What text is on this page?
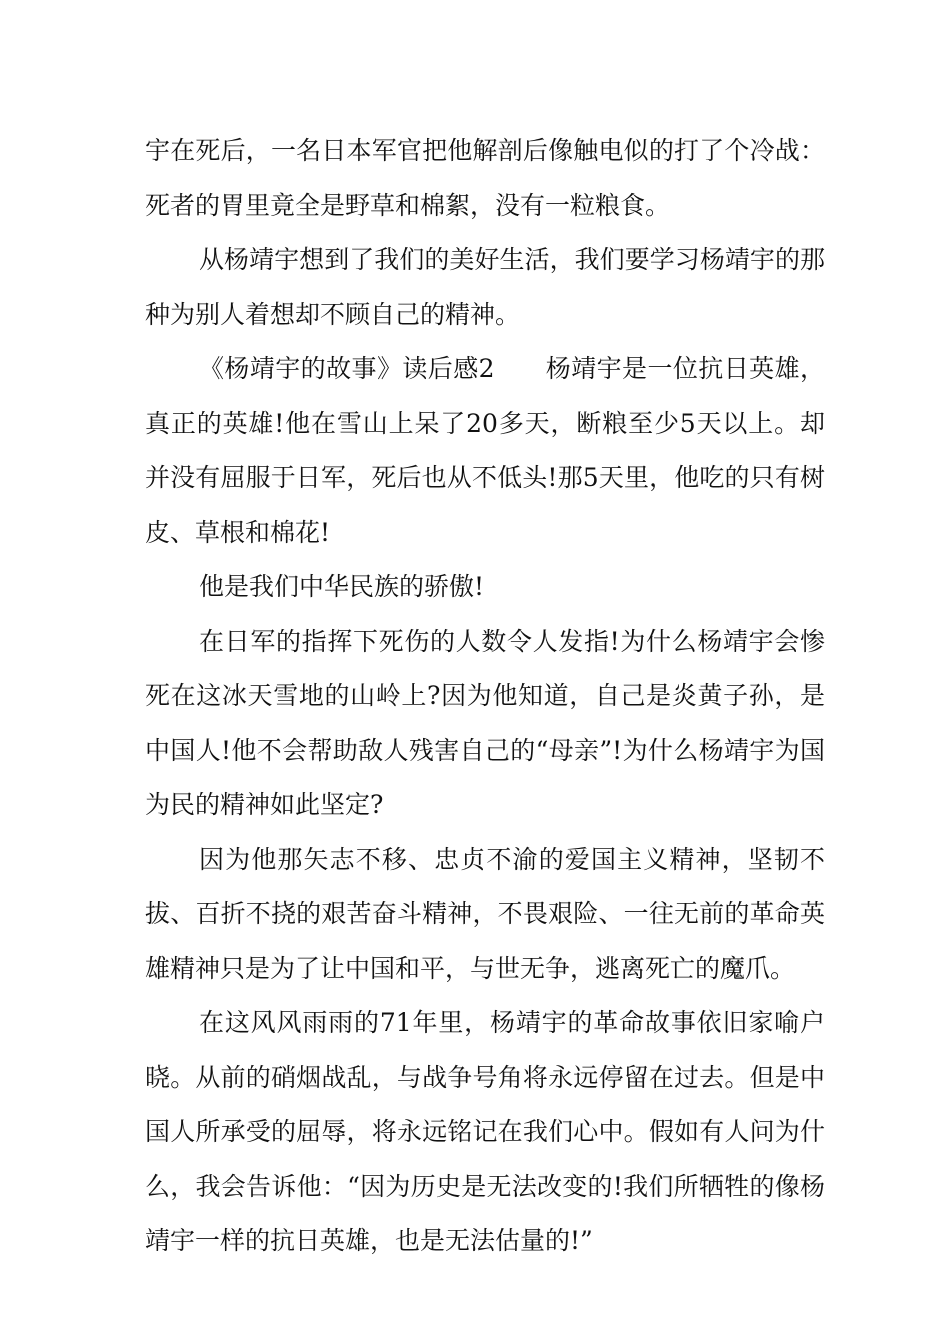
宇在死后，一名日本军官把他解剖后像触电似的打了个冷战：死者的胃里竟全是野草和棉絮，没有一粒粮食。

从杨靖宇想到了我们的美好生活，我们要学习杨靖宇的那种为别人着想却不顾自己的精神。

《杨靖宇的故事》读后感2　　杨靖宇是一位抗日英雄，真正的英雄!他在雪山上呆了20多天，断粮至少5天以上。却并没有屈服于日军，死后也从不低头!那5天里，他吃的只有树皮、草根和棉花!

他是我们中华民族的骄傲!

在日军的指挥下死伤的人数令人发指!为什么杨靖宇会惨死在这冰天雪地的山岭上?因为他知道，自己是炎黄子孙，是中国人!他不会帮助敌人残害自己的“母亲”!为什么杨靖宇为国为民的精神如此坚定?

因为他那矢志不移、忠贞不渝的爱国主义精神，坚韧不拔、百折不挠的艰苦奋斗精神，不畏艰险、一往无前的革命英雄精神只是为了让中国和平，与世无争，逃离死亡的魔爪。

在这风风雨雨的71年里，杨靖宇的革命故事依旧家喻户晓。从前的硝烟战乱，与战争号角将永远停留在过去。但是中国人所承受的屈辱，将永远铭记在我们心中。假如有人问为什么，我会告诉他：“因为历史是无法改变的!我们所牺牲的像杨靖宇一样的抗日英雄，也是无法估量的!”
